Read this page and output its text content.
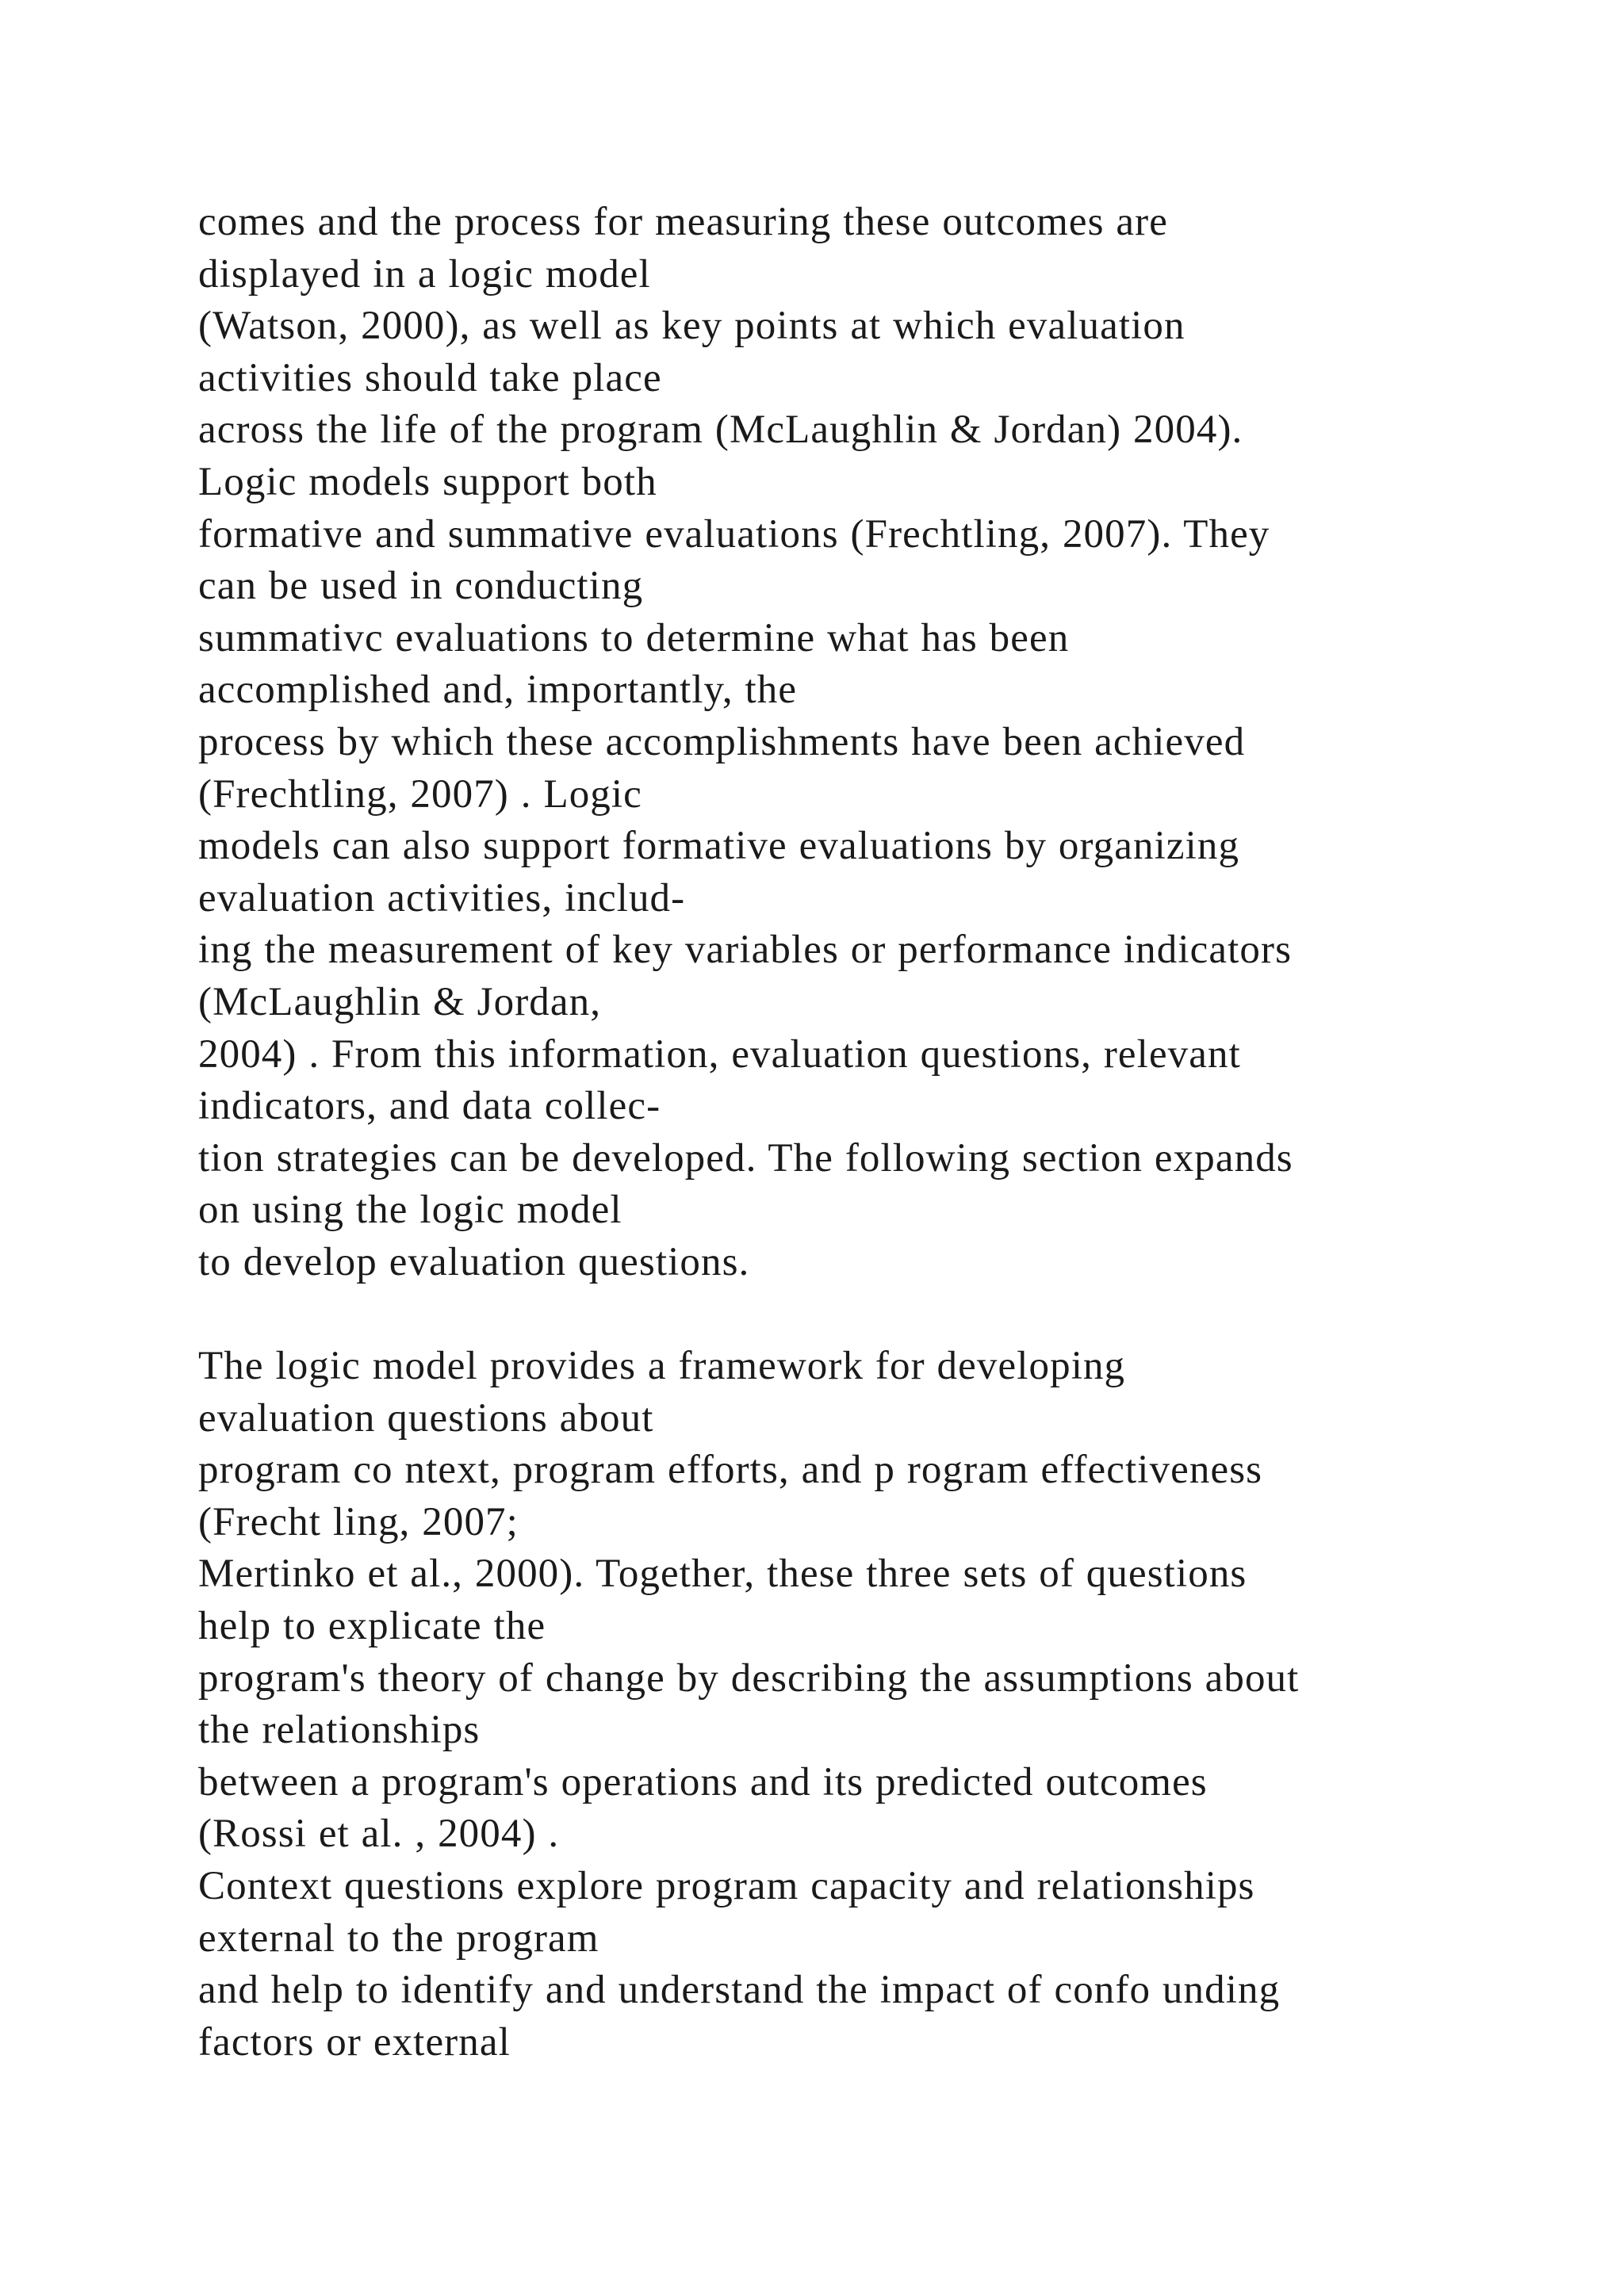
comes and the process for measuring these outcomes are
displayed in a logic model
(Watson, 2000), as well as key points at which evaluation
activities should take place
across the life of the program (McLaughlin & Jordan) 2004).
Logic models support both
formative and summative evaluations (Frechtling, 2007). They
can be used in conducting
summativc evaluations to determine what has been
accomplished and, importantly, the
process by which these accomplishments have been achieved
(Frechtling, 2007) . Logic
models can also support formative evaluations by organizing
evaluation activities, includ-
ing the measurement of key variables or performance indicators
(McLaughlin & Jordan,
2004) . From this information, evaluation questions, relevant
indicators, and data collec-
tion strategies can be developed. The following section expands
on using the logic model
to develop evaluation questions.
The logic model provides a framework for developing
evaluation questions about
program co ntext, program efforts, and p rogram effectiveness
(Frecht ling, 2007;
Mertinko et al., 2000). Together, these three sets of questions
help to explicate the
program's theory of change by describing the assumptions about
the relationships
between a program's operations and its predicted outcomes
(Rossi et al. , 2004) .
Context questions explore program capacity and relationships
external to the program
and help to identify and understand the impact of confo unding
factors or external
